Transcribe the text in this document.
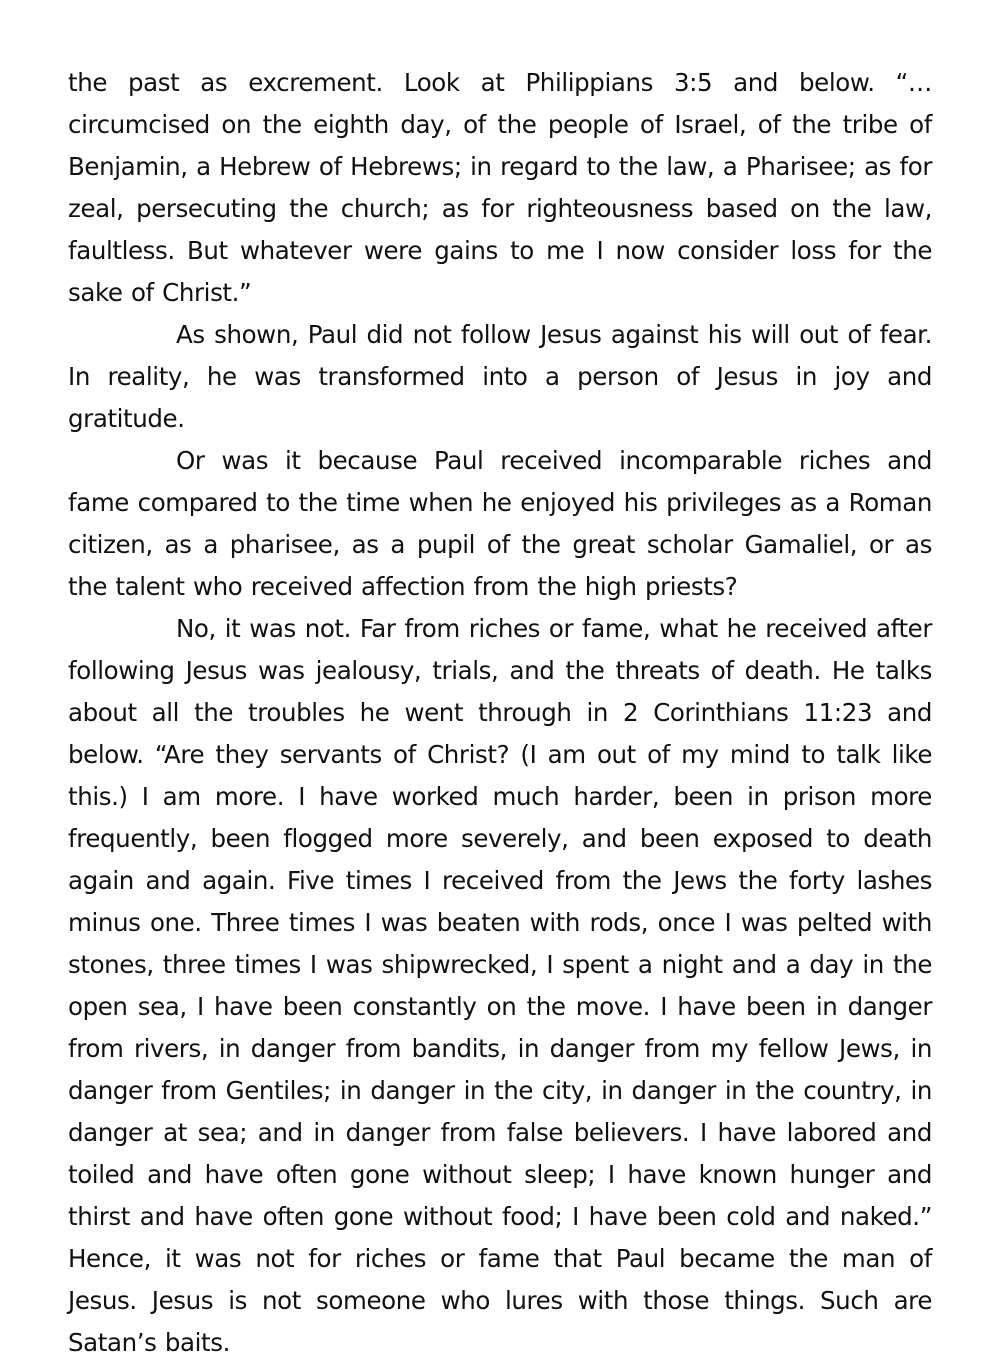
the past as excrement. Look at Philippians 3:5 and below. “…circumcised on the eighth day, of the people of Israel, of the tribe of Benjamin, a Hebrew of Hebrews; in regard to the law, a Pharisee; as for zeal, persecuting the church; as for righteousness based on the law, faultless. But whatever were gains to me I now consider loss for the sake of Christ.”

As shown, Paul did not follow Jesus against his will out of fear. In reality, he was transformed into a person of Jesus in joy and gratitude.

Or was it because Paul received incomparable riches and fame compared to the time when he enjoyed his privileges as a Roman citizen, as a pharisee, as a pupil of the great scholar Gamaliel, or as the talent who received affection from the high priests?

No, it was not. Far from riches or fame, what he received after following Jesus was jealousy, trials, and the threats of death. He talks about all the troubles he went through in 2 Corinthians 11:23 and below. “Are they servants of Christ? (I am out of my mind to talk like this.) I am more. I have worked much harder, been in prison more frequently, been flogged more severely, and been exposed to death again and again. Five times I received from the Jews the forty lashes minus one. Three times I was beaten with rods, once I was pelted with stones, three times I was shipwrecked, I spent a night and a day in the open sea, I have been constantly on the move. I have been in danger from rivers, in danger from bandits, in danger from my fellow Jews, in danger from Gentiles; in danger in the city, in danger in the country, in danger at sea; and in danger from false believers. I have labored and toiled and have often gone without sleep; I have known hunger and thirst and have often gone without food; I have been cold and naked.” Hence, it was not for riches or fame that Paul became the man of Jesus. Jesus is not someone who lures with those things. Such are Satan’s baits.
